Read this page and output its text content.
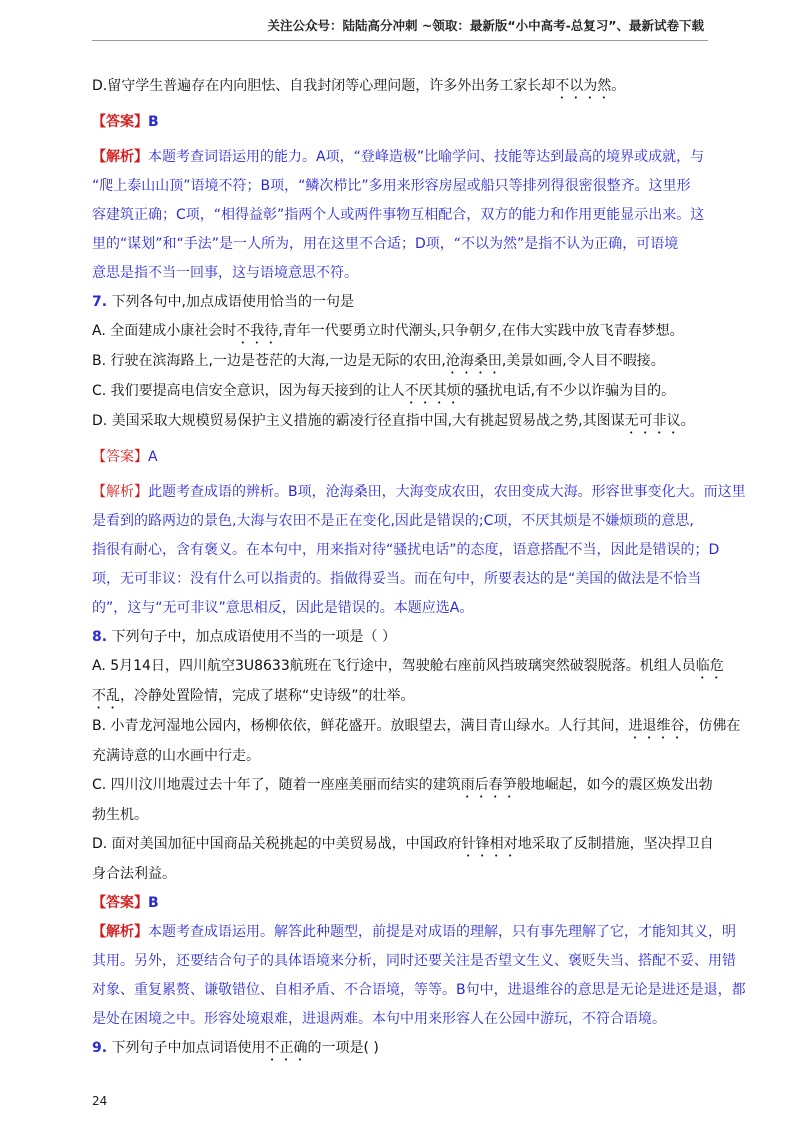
关注公众号：陆陆高分冲刺 ~领取：最新版“小中高考-总复习”、最新试卷下载
D.留守学生普遍存在内向胆怯、自我封闭等心理问题，许多外出务工家长却不以为然。
【答案】B
【解析】本题考查词语运用的能力。A项，“登峰造极”比喻学问、技能等达到最高的境界或成就，与
“爬上泰山山顶”语境不符；B项，“鳞次栉比”多用来形容房屋或船只等排列得很密很整齐。这里形
容建筑正确；C项，“相得益彰”指两个人或两件事物互相配合，双方的能力和作用更能显示出来。这
里的“谋划”和“手法”是一人所为，用在这里不合适；D项，“不以为然”是指不认为正确，可语境
意思是指不当一回事，这与语境意思不符。
7. 下列各句中,加点成语使用恰当的一句是
A. 全面建成小康社会时不我待,青年一代要勇立时代潮头,只争朝夕,在伟大实践中放飞青春梦想。
B. 行驶在滨海路上,一边是苍茫的大海,一边是无际的农田,沧海桑田,美景如画,令人目不暇接。
C. 我们要提高电信安全意识，因为每天接到的让人不厌其烦的骚扰电话,有不少以诈骗为目的。
D. 美国采取大规模贸易保护主义措施的霸凌行径直指中国,大有挑起贸易战之势,其图谋无可非议。
【答案】A
【解析】此题考查成语的辨析。B项，沧海桑田，大海变成农田，农田变成大海。形容世事变化大。而这里
是看到的路两边的景色,大海与农田不是正在变化,因此是错误的;C项，不厌其烦是不嫌烦琐的意思,
指很有耐心，含有褒义。在本句中，用来指对待“骚扰电话”的态度，语意搭配不当，因此是错误的；D
项，无可非议：没有什么可以指责的。指做得妥当。而在句中，所要表达的是“美国的做法是不恰当
的”，这与“无可非议”意思相反，因此是错误的。本题应选A。
8. 下列句子中，加点成语使用不当的一项是（ ）
A. 5月14日，四川航空3U8633航班在飞行途中，驾驶舱右座前风挡玻璃突然破裂脱落。机组人员临危
不乱，冷静处置险情，完成了堪称“史诗级”的壮举。
B. 小青龙河湿地公园内，杨柳依依，鲜花盛开。放眼望去，满目青山绿水。人行其间，进退维谷，仿佛在
充满诗意的山水画中行走。
C. 四川汶川地震过去十年了，随着一座座美丽而结实的建筑雨后春笋般地崛起，如今的震区焕发出勃
勃生机。
D. 面对美国加征中国商品关税挑起的中美贸易战，中国政府针锋相对地采取了反制措施，坚决捍卫自
身合法利益。
【答案】B
【解析】本题考查成语运用。解答此种题型，前提是对成语的理解，只有事先理解了它，才能知其义，明
其用。另外，还要结合句子的具体语境来分析，同时还要关注是否望文生义、褒贬失当、搭配不妥、用错
对象、重复累赘、谦敬错位、自相矛盾、不合语境，等等。B句中，进退维谷的意思是无论是进还是退，都
是处在困境之中。形容处境艰难，进退两难。本句中用来形容人在公园中游玩，不符合语境。
9. 下列句子中加点词语使用不正确的一项是( )
24
